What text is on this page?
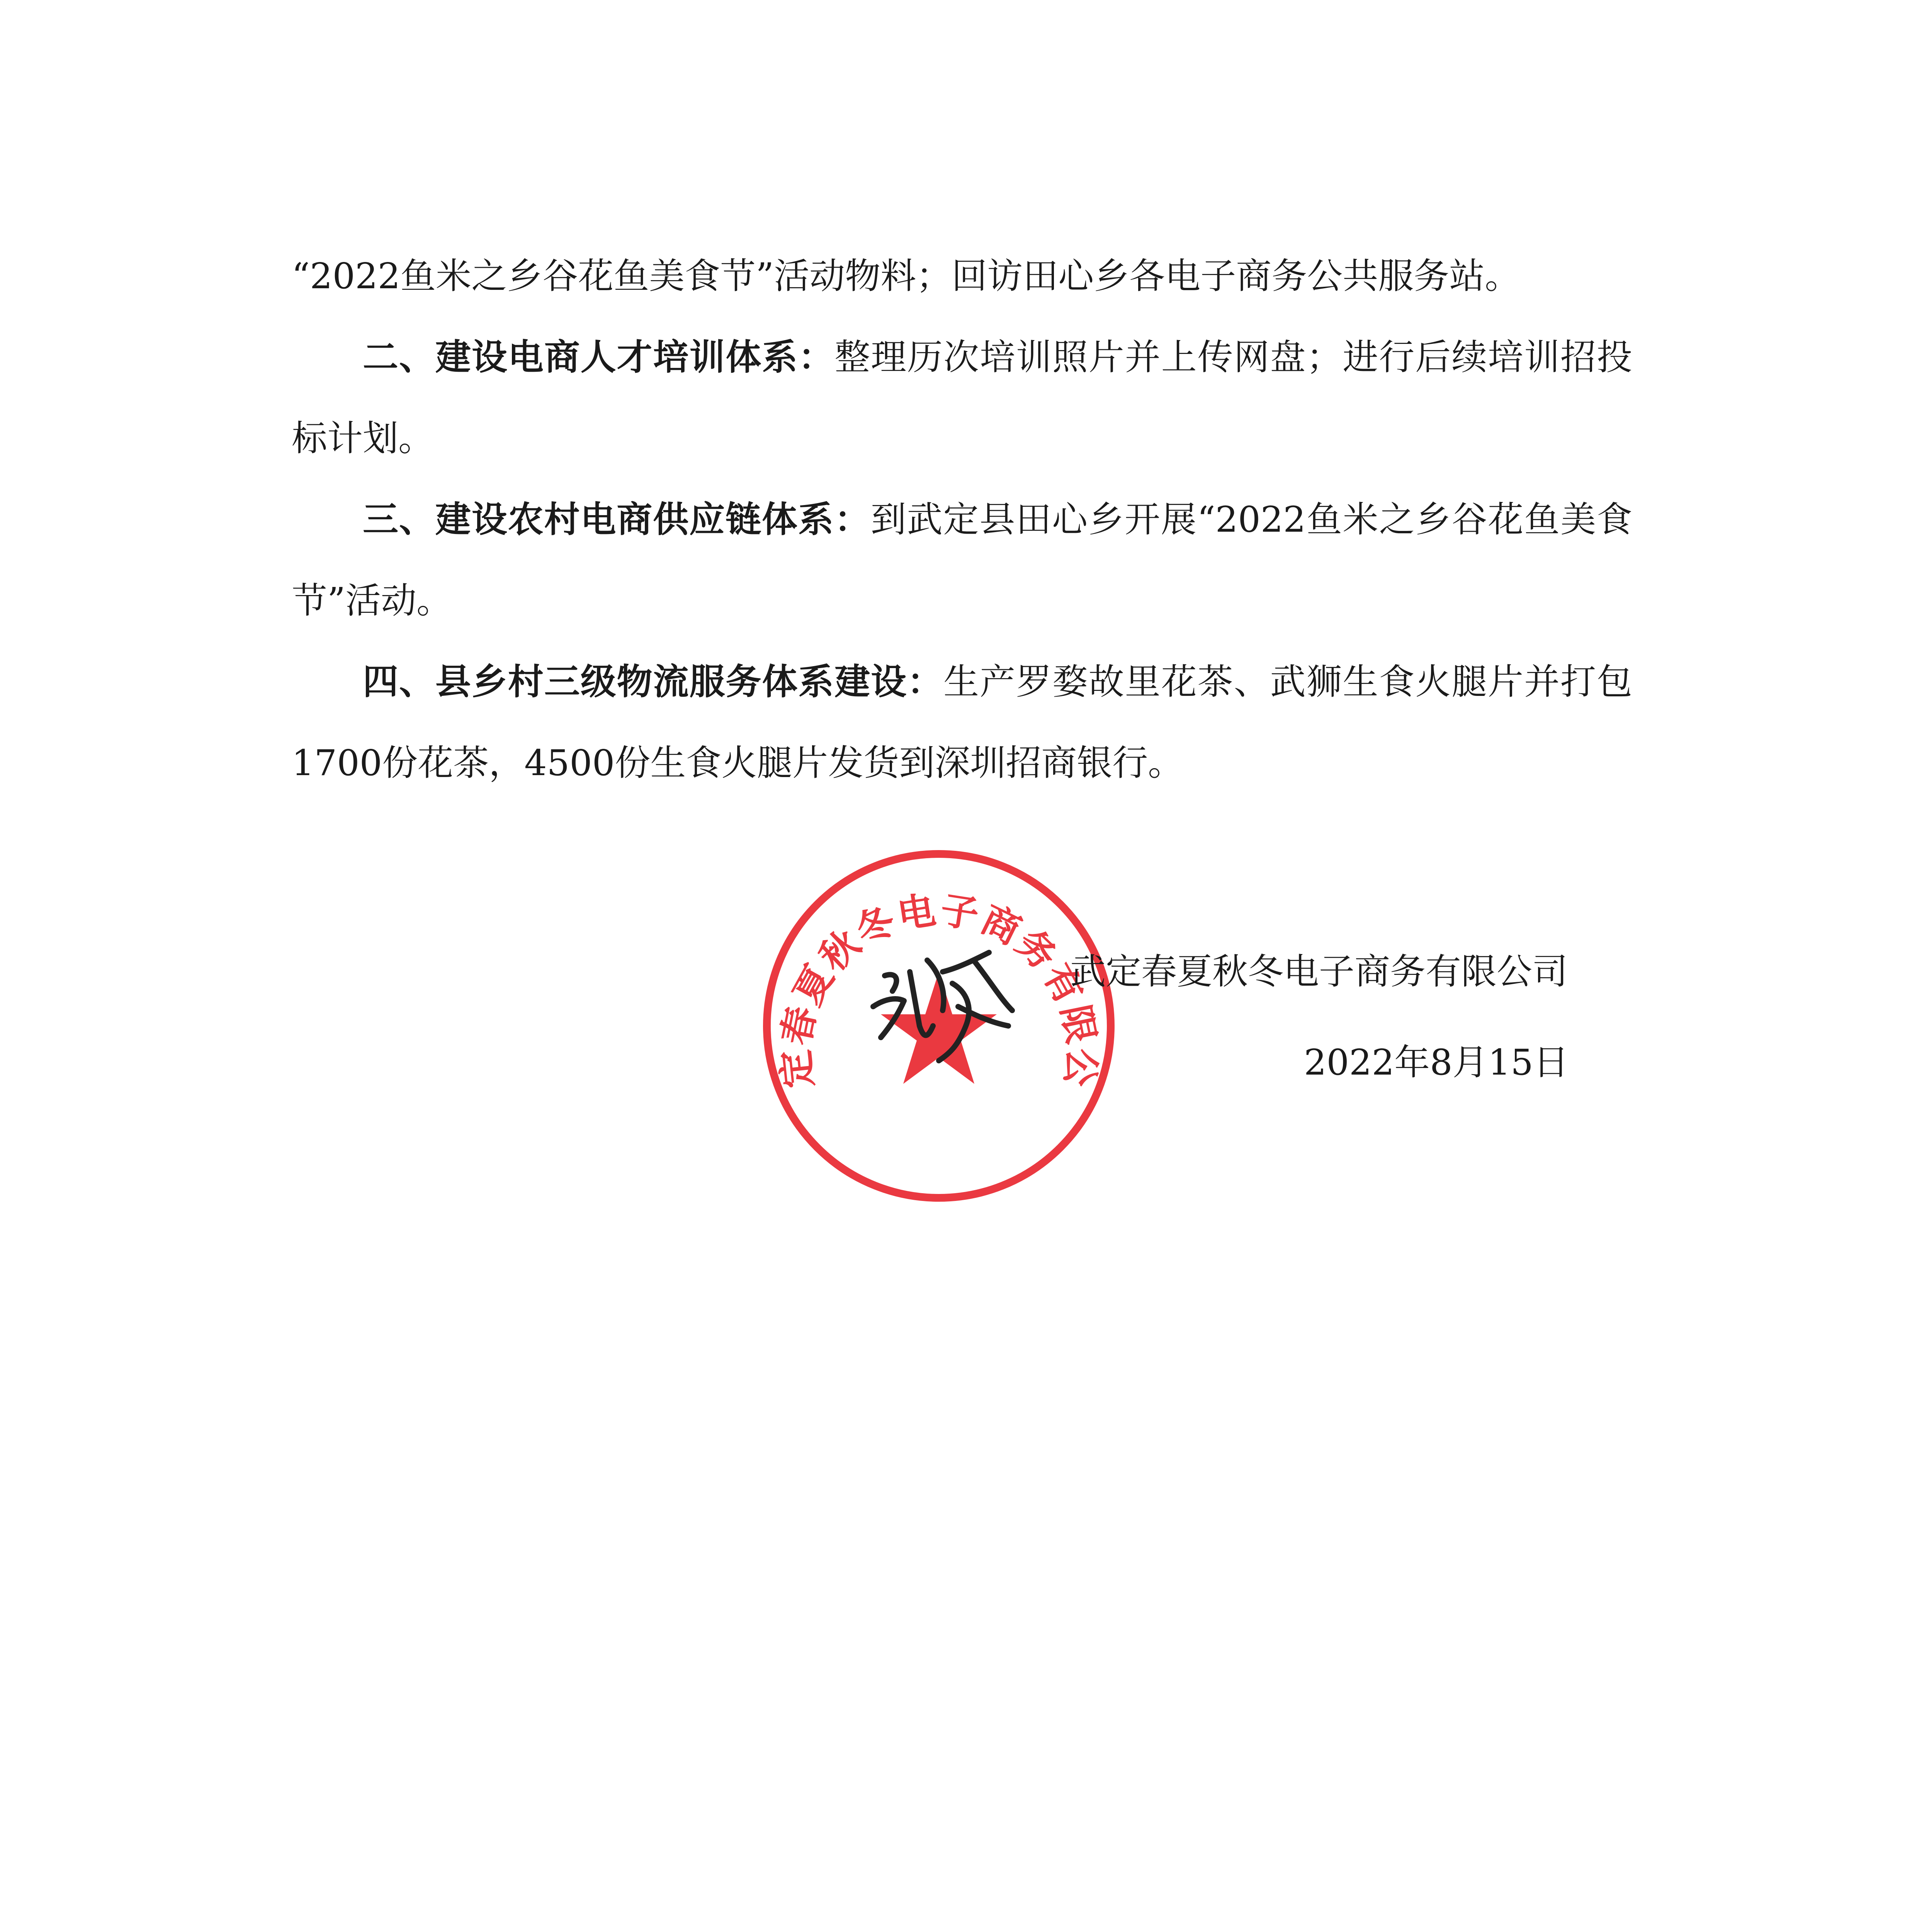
“2022鱼米之乡谷花鱼美食节”活动物料；回访田心乡各电子商务公共服务站。

二、建设电商人才培训体系：整理历次培训照片并上传网盘；进行后续培训招投标计划。

三、建设农村电商供应链体系：到武定县田心乡开展“2022鱼米之乡谷花鱼美食节”活动。

四、县乡村三级物流服务体系建设：生产罗婺故里花茶、武狮生食火腿片并打包1700份花茶，4500份生食火腿片发货到深圳招商银行。

定春夏秋冬电子商务有限公
武定春夏秋冬电子商务有限公司
2022年8月15日
